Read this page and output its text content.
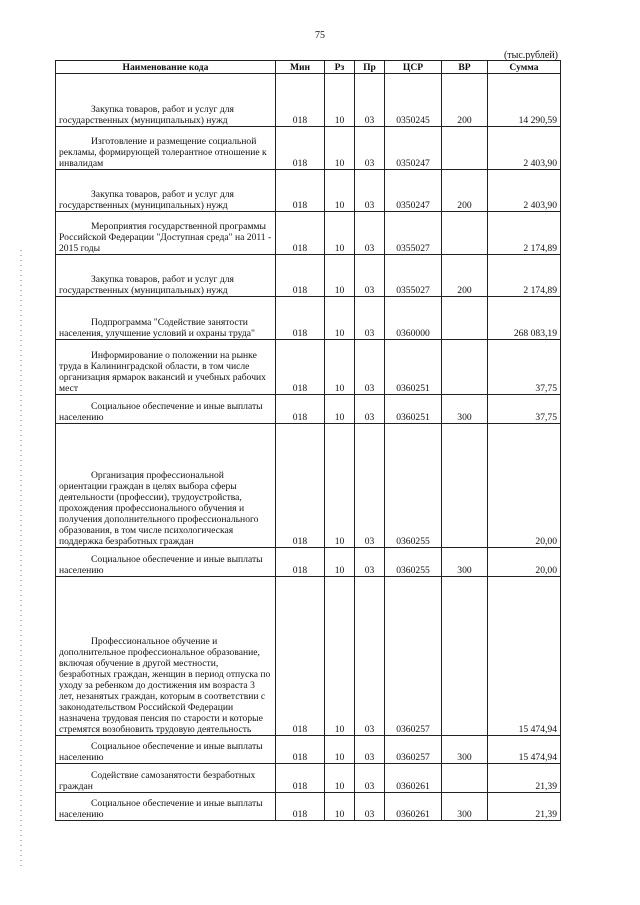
75
(тыс.рублей)
Наименование кода	Мин	Рз	Пр	ЦСР	ВР	Сумма
Закупка товаров, работ и услуг для государственных (муниципальных) нужд	018	10	03	0350245	200	14 290,59
Изготовление и размещение социальной рекламы, формирующей толерантное отношение к инвалидам	018	10	03	0350247		2 403,90
Закупка товаров, работ и услуг для государственных (муниципальных) нужд	018	10	03	0350247	200	2 403,90
Мероприятия государственной программы Российской Федерации "Доступная среда" на 2011 - 2015 годы	018	10	03	0355027		2 174,89
Закупка товаров, работ и услуг для государственных (муниципальных) нужд	018	10	03	0355027	200	2 174,89
Подпрограмма "Содействие занятости населения, улучшение условий и охраны труда"	018	10	03	0360000		268 083,19
Информирование о положении на рынке труда в Калининградской области, в том числе организация ярмарок вакансий и учебных рабочих мест	018	10	03	0360251		37,75
Социальное обеспечение и иные выплаты населению	018	10	03	0360251	300	37,75
Организация профессиональной ориентации граждан в целях выбора сферы деятельности (профессии), трудоустройства, прохождения профессионального обучения и получения дополнительного профессионального образования, в том числе психологическая поддержка безработных граждан	018	10	03	0360255		20,00
Социальное обеспечение и иные выплаты населению	018	10	03	0360255	300	20,00
Профессиональное обучение и дополнительное профессиональное образование, включая обучение в другой местности, безработных граждан, женщин в период отпуска по уходу за ребенком до достижения им возраста 3 лет, незанятых граждан, которым в соответствии с законодательством Российской Федерации назначена трудовая пенсия по старости и которые стремятся возобновить трудовую деятельность	018	10	03	0360257		15 474,94
Социальное обеспечение и иные выплаты населению	018	10	03	0360257	300	15 474,94
Содействие самозанятости безработных граждан	018	10	03	0360261		21,39
Социальное обеспечение и иные выплаты населению	018	10	03	0360261	300	21,39
